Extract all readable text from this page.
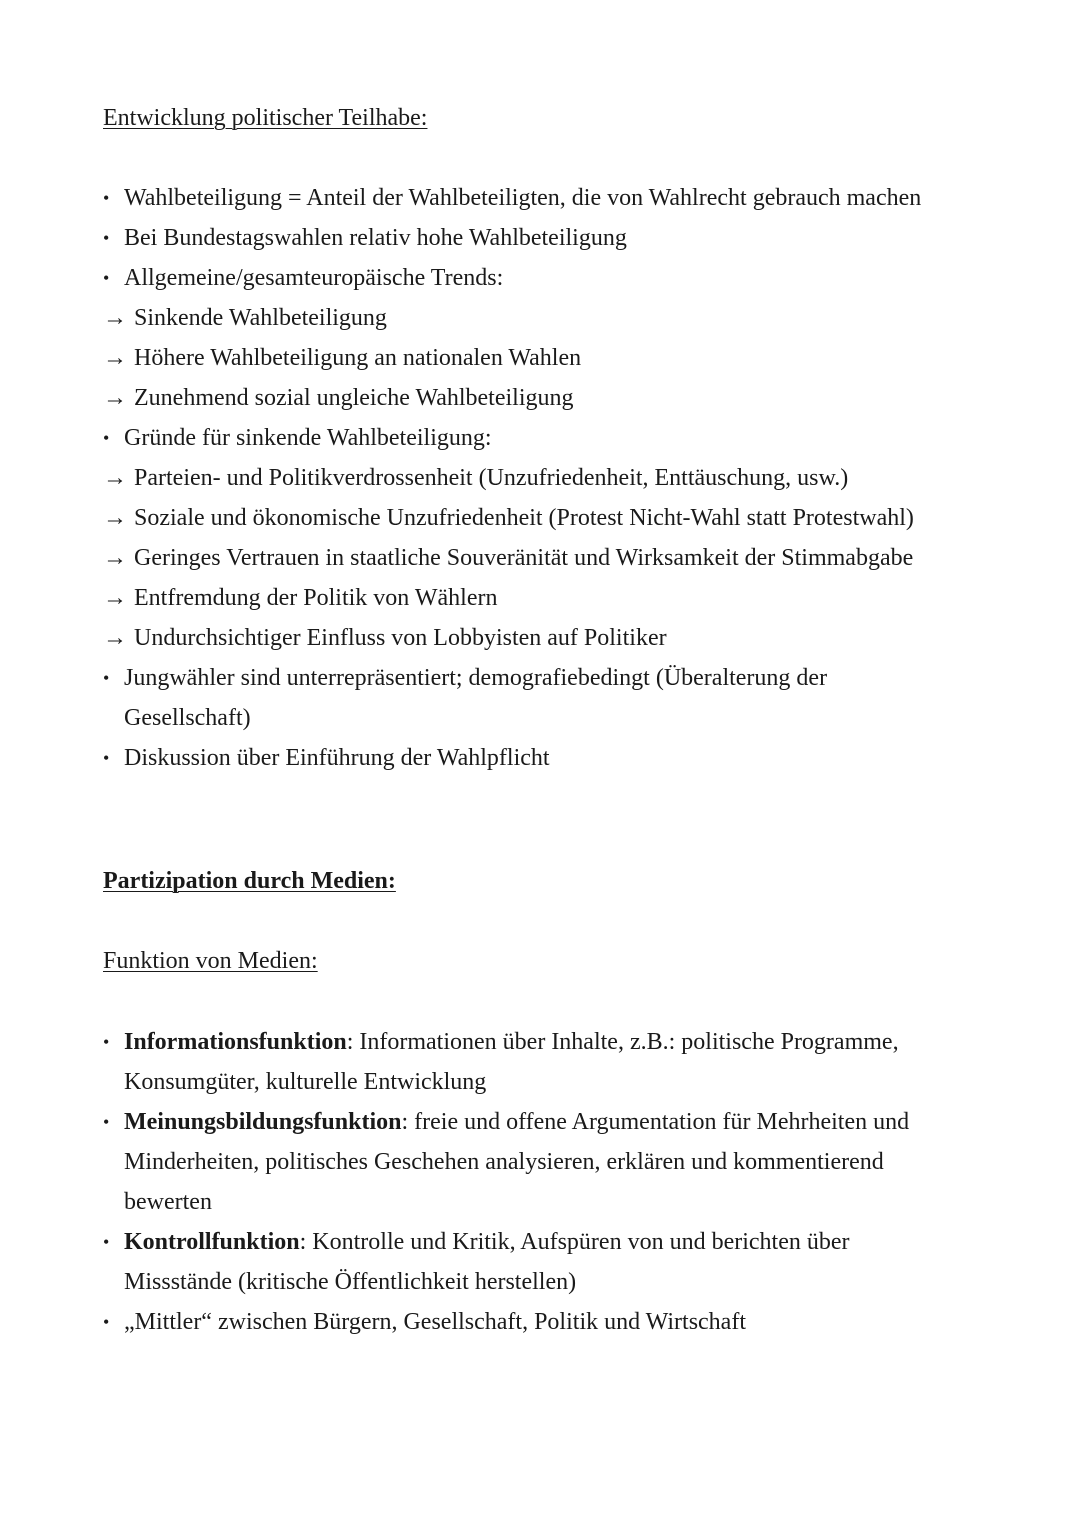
Entwicklung politischer Teilhabe:
• Wahlbeteiligung = Anteil der Wahlbeteiligten, die von Wahlrecht gebrauch machen
• Bei Bundestagswahlen relativ hohe Wahlbeteiligung
• Allgemeine/gesamteuropäische Trends:
→ Sinkende Wahlbeteiligung
→ Höhere Wahlbeteiligung an nationalen Wahlen
→ Zunehmend sozial ungleiche Wahlbeteiligung
• Gründe für sinkende Wahlbeteiligung:
→ Parteien- und Politikverdrossenheit (Unzufriedenheit, Enttäuschung, usw.)
→ Soziale und ökonomische Unzufriedenheit (Protest Nicht-Wahl statt Protestwahl)
→ Geringes Vertrauen in staatliche Souveränität und Wirksamkeit der Stimmabgabe
→ Entfremdung der Politik von Wählern
→ Undurchsichtiger Einfluss von Lobbyisten auf Politiker
• Jungwähler sind unterrepräsentiert; demografiebedingt (Überalterung der Gesellschaft)
• Diskussion über Einführung der Wahlpflicht
Partizipation durch Medien:
Funktion von Medien:
• Informationsfunktion: Informationen über Inhalte, z.B.: politische Programme, Konsumgüter, kulturelle Entwicklung
• Meinungsbildungsfunktion: freie und offene Argumentation für Mehrheiten und Minderheiten, politisches Geschehen analysieren, erklären und kommentierend bewerten
• Kontrollfunktion: Kontrolle und Kritik, Aufspüren von und berichten über Missstände (kritische Öffentlichkeit herstellen)
• „Mittler“ zwischen Bürgern, Gesellschaft, Politik und Wirtschaft
